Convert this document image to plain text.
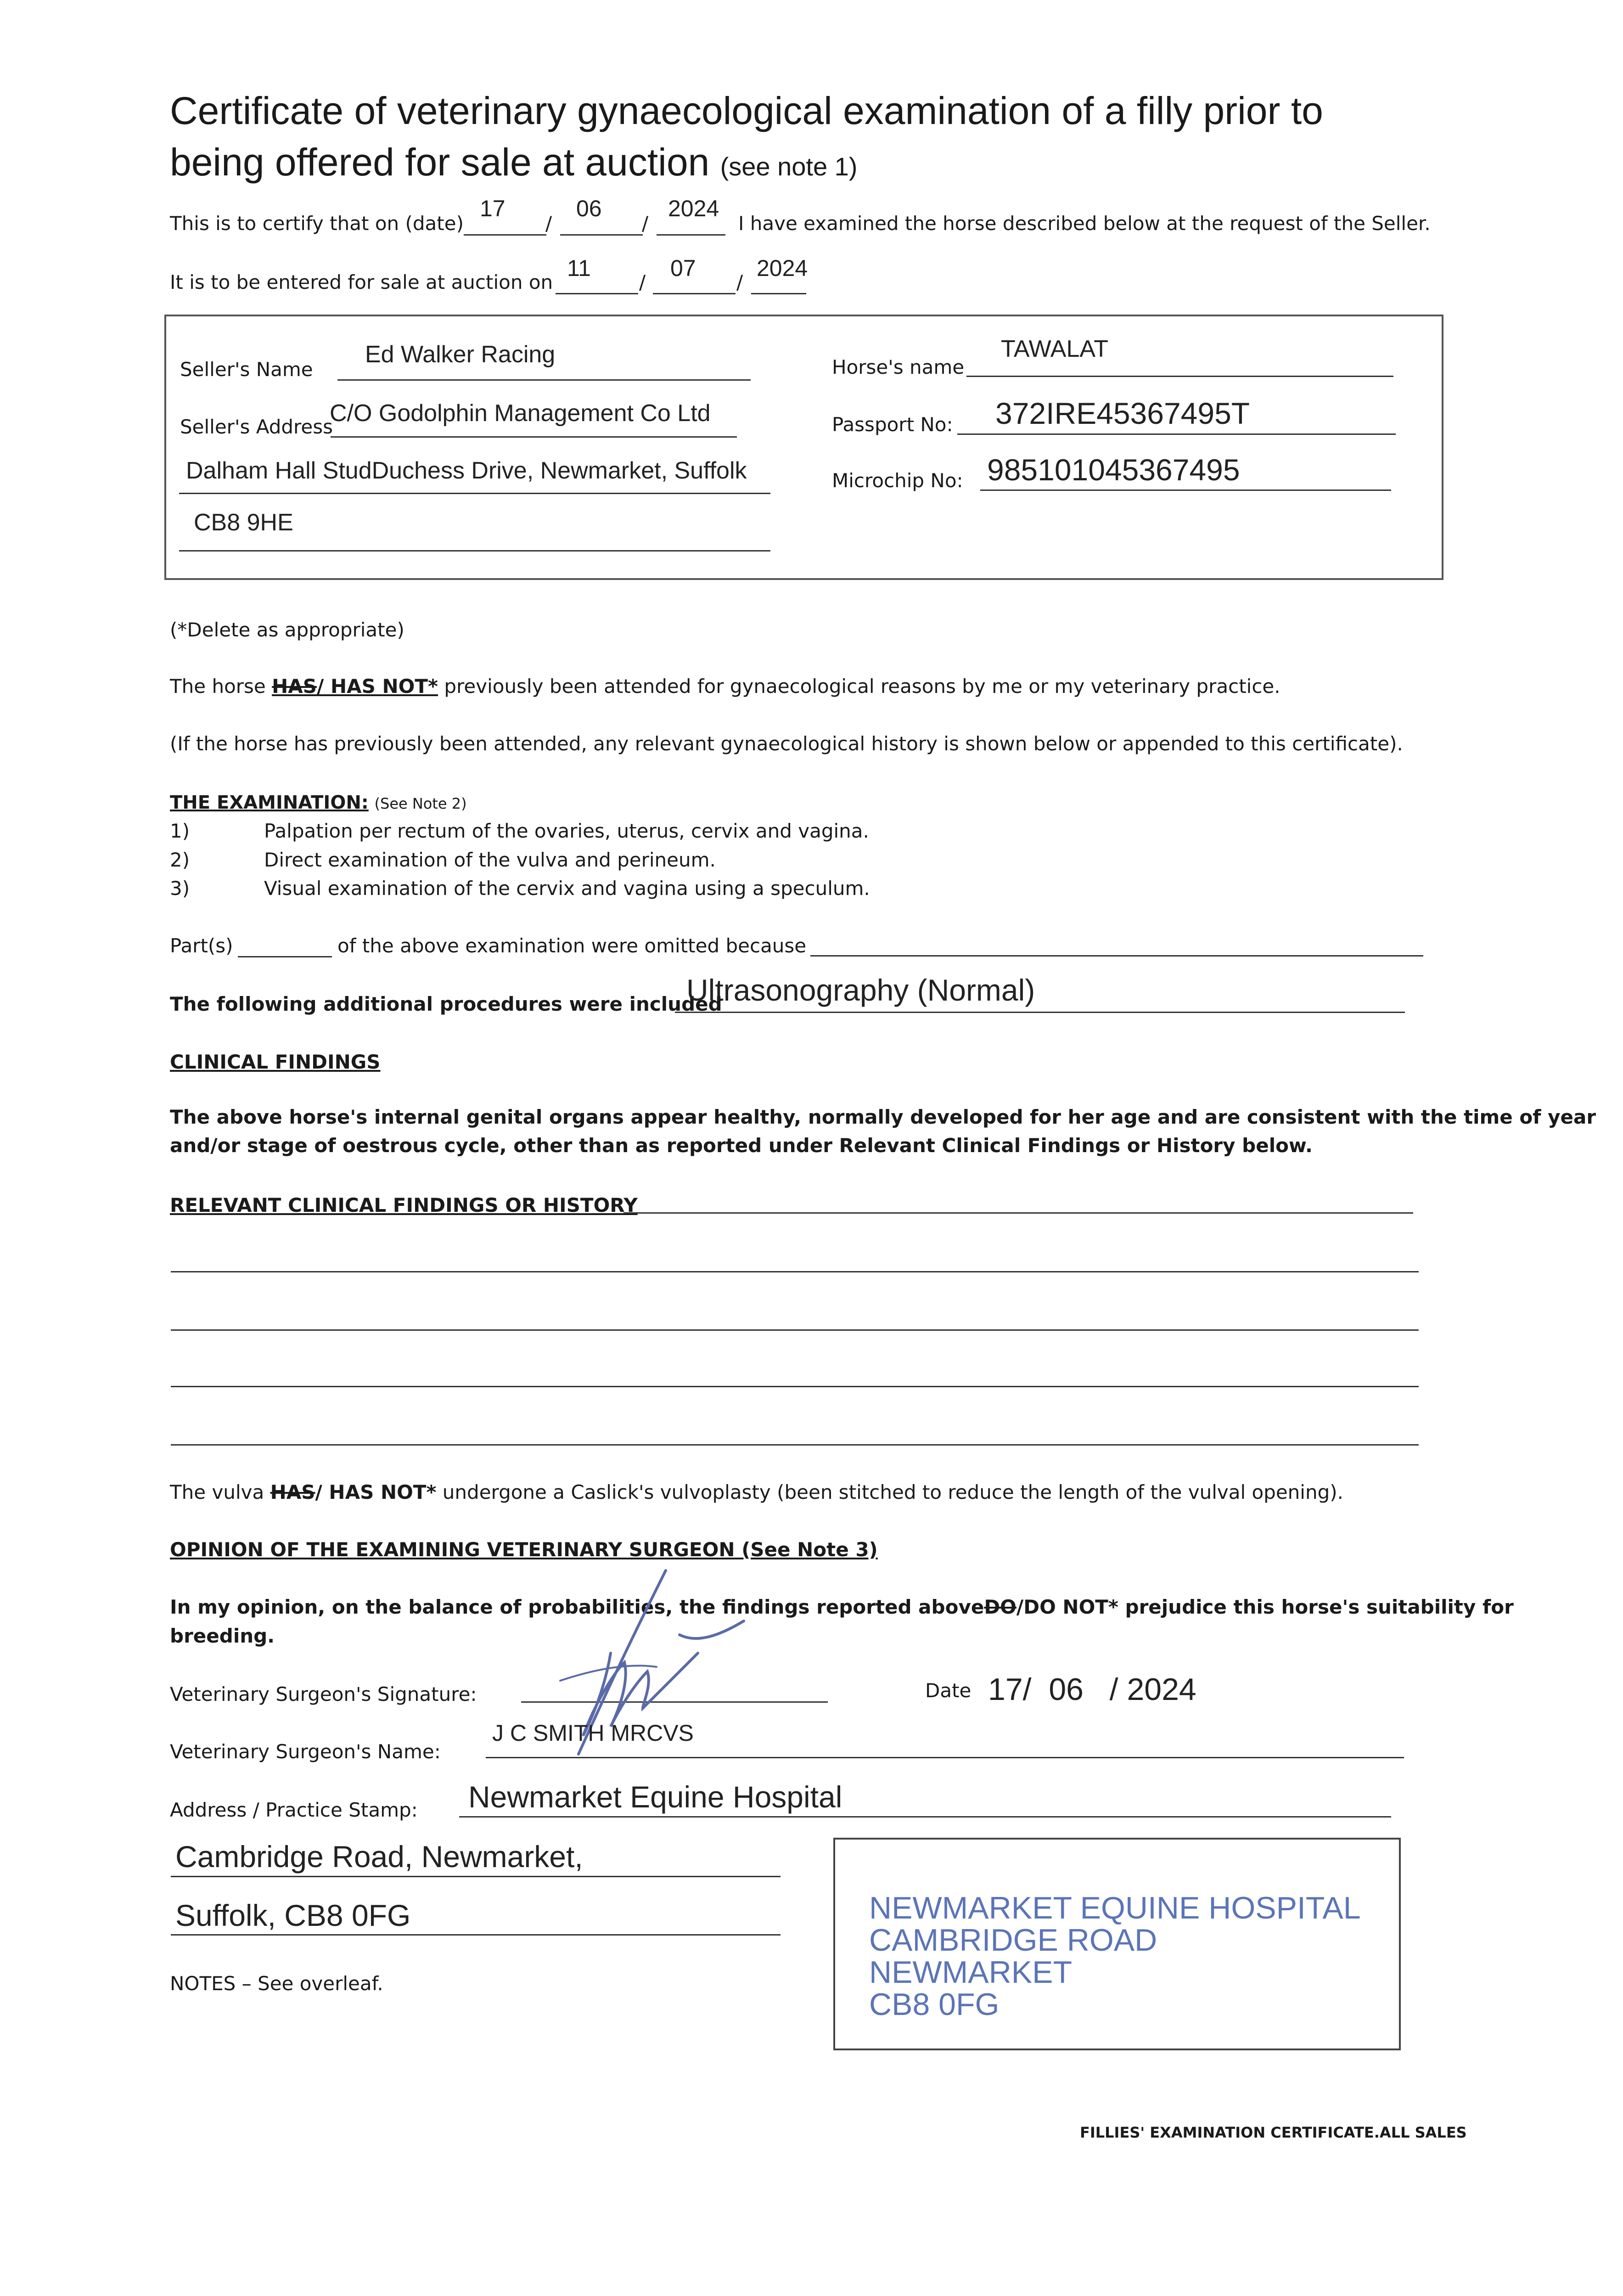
Certificate of veterinary gynaecological examination of a filly prior to
being offered for sale at auction (see note 1)
This is to certify that on (date)
17
/
06
/
2024
I have examined the horse described below at the request of the Seller.
It is to be entered for sale at auction on
11
/
07
/
2024
Seller's Name
Ed Walker Racing
Seller's Address
C/O Godolphin Management Co Ltd
Dalham Hall StudDuchess Drive, Newmarket, Suffolk
CB8 9HE
Horse's name
TAWALAT
Passport No: 372IRE45367495T
Microchip No: 985101045367495
(*Delete as appropriate)
The horse HAS/ HAS NOT* previously been attended for gynaecological reasons by me or my veterinary practice.
(If the horse has previously been attended, any relevant gynaecological history is shown below or appended to this certificate).
THE EXAMINATION: (See Note 2)
1)	Palpation per rectum of the ovaries, uterus, cervix and vagina.
2)	Direct examination of the vulva and perineum.
3)	Visual examination of the cervix and vagina using a speculum.
Part(s)	of the above examination were omitted because
The following additional procedures were included
Ultrasonography (Normal)
CLINICAL FINDINGS
The above horse's internal genital organs appear healthy, normally developed for her age and are consistent with the time of year
and/or stage of oestrous cycle, other than as reported under Relevant Clinical Findings or History below.
RELEVANT CLINICAL FINDINGS OR HISTORY
The vulva HAS/ HAS NOT* undergone a Caslick's vulvoplasty (been stitched to reduce the length of the vulval opening).
OPINION OF THE EXAMINING VETERINARY SURGEON (See Note 3)
In my opinion, on the balance of probabilities, the findings reported aboveDO/DO NOT* prejudice this horse's suitability for
breeding.
Veterinary Surgeon's Signature:	Date 17/  06   / 2024
Veterinary Surgeon's Name:
J C SMITH MRCVS
Address / Practice Stamp: Newmarket Equine Hospital
Cambridge Road, Newmarket,
Suffolk, CB8 0FG	NEWMARKET EQUINE HOSPITAL
CAMBRIDGE ROAD
NEWMARKET
CB8 0FG
NOTES – See overleaf.
FILLIES' EXAMINATION CERTIFICATE.ALL SALES
